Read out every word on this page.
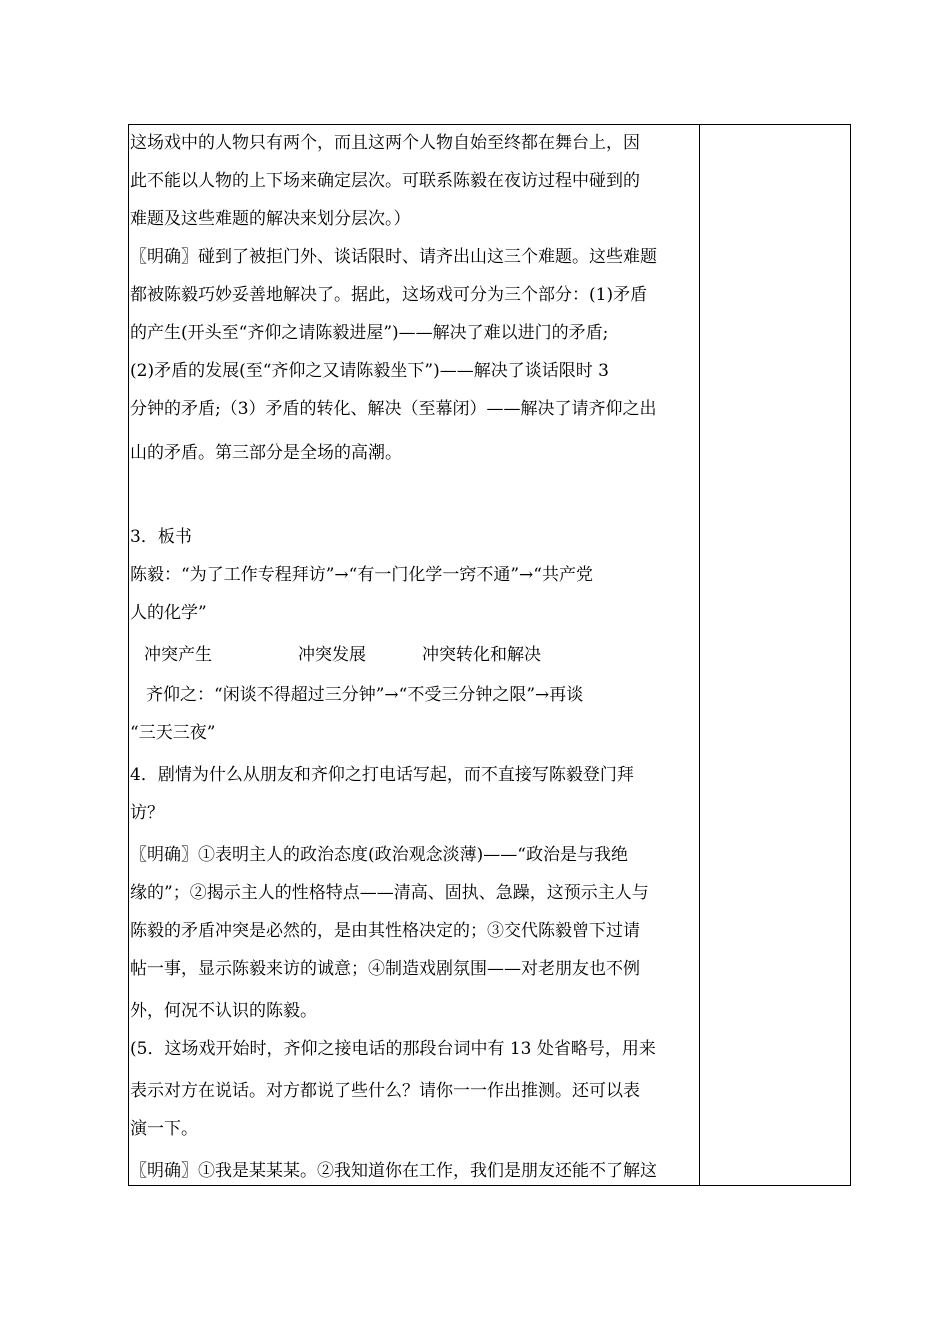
这场戏中的人物只有两个，而且这两个人物自始至终都在舞台上，因
此不能以人物的上下场来确定层次。可联系陈毅在夜访过程中碰到的
难题及这些难题的解决来划分层次。）
〖明确〗碰到了被拒门外、谈话限时、请齐出山这三个难题。这些难题
都被陈毅巧妙妥善地解决了。据此，这场戏可分为三个部分：(1)矛盾
的产生(开头至“齐仰之请陈毅进屋”)——解决了难以进门的矛盾;
(2)矛盾的发展(至“齐仰之又请陈毅坐下”)——解决了谈话限时 3
分钟的矛盾;（3）矛盾的转化、解决（至幕闭）——解决了请齐仰之出
山的矛盾。第三部分是全场的高潮。
3．板书
陈毅：“为了工作专程拜访”→“有一门化学一窍不通”→“共产党
人的化学”
冲突产生	冲突发展	冲突转化和解决
齐仰之：“闲谈不得超过三分钟”→“不受三分钟之限”→再谈
“三天三夜”
4．剧情为什么从朋友和齐仰之打电话写起，而不直接写陈毅登门拜
访？
〖明确〗①表明主人的政治态度(政治观念淡薄)——“政治是与我绝
缘的”；②揭示主人的性格特点——清高、固执、急躁，这预示主人与
陈毅的矛盾冲突是必然的，是由其性格决定的；③交代陈毅曾下过请
帖一事，显示陈毅来访的诚意；④制造戏剧氛围——对老朋友也不例
外，何况不认识的陈毅。
(5．这场戏开始时，齐仰之接电话的那段台词中有 13 处省略号，用来
表示对方在说话。对方都说了些什么？请你一一作出推测。还可以表
演一下。
〖明确〗①我是某某某。②我知道你在工作，我们是朋友还能不了解这
